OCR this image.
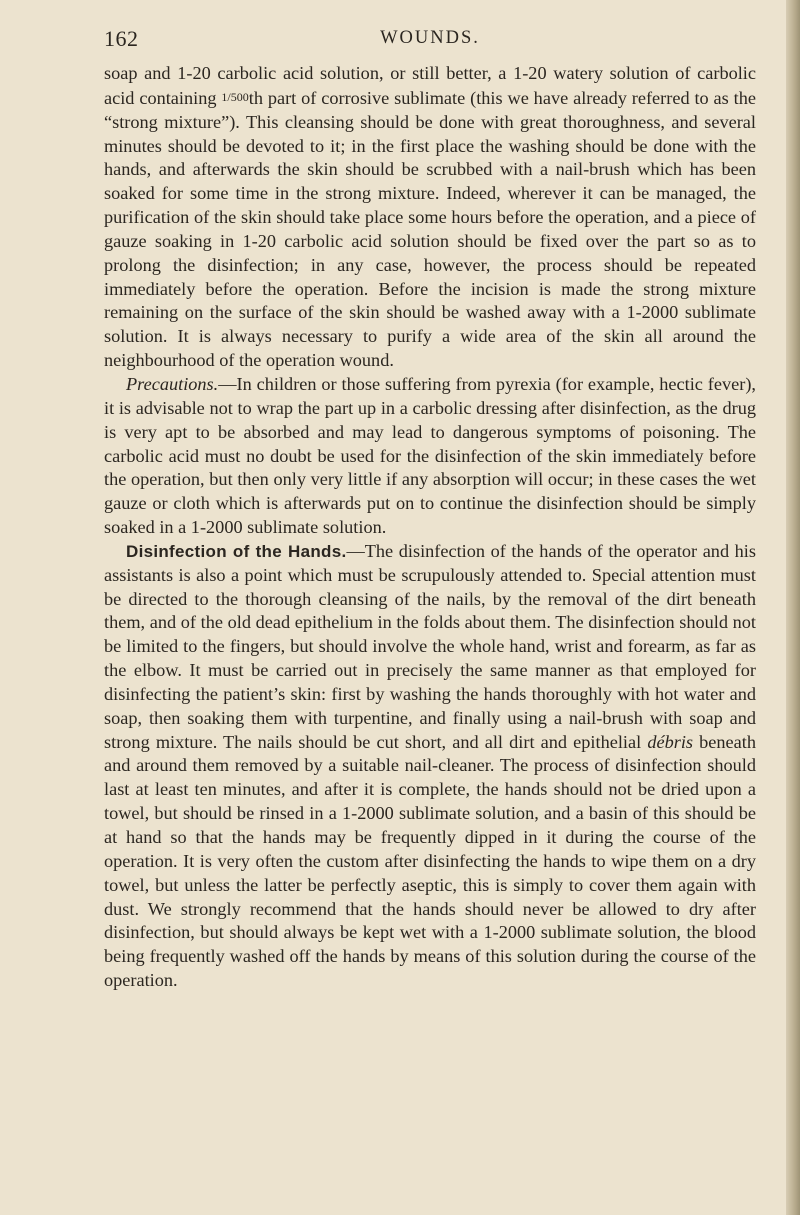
162	WOUNDS.

soap and 1-20 carbolic acid solution, or still better, a 1-20 watery solution of carbolic acid containing 1/500th part of corrosive sublimate (this we have already referred to as the “strong mixture”). This cleansing should be done with great thoroughness, and several minutes should be devoted to it; in the first place the washing should be done with the hands, and afterwards the skin should be scrubbed with a nail-brush which has been soaked for some time in the strong mixture. Indeed, wherever it can be managed, the purification of the skin should take place some hours before the operation, and a piece of gauze soaking in 1-20 carbolic acid solution should be fixed over the part so as to prolong the disinfection; in any case, however, the process should be repeated immediately before the operation. Before the incision is made the strong mixture remaining on the surface of the skin should be washed away with a 1-2000 sublimate solution. It is always necessary to purify a wide area of the skin all around the neighbourhood of the operation wound.

Precautions.—In children or those suffering from pyrexia (for example, hectic fever), it is advisable not to wrap the part up in a carbolic dressing after disinfection, as the drug is very apt to be absorbed and may lead to dangerous symptoms of poisoning. The carbolic acid must no doubt be used for the disinfection of the skin immediately before the operation, but then only very little if any absorption will occur; in these cases the wet gauze or cloth which is afterwards put on to continue the disinfection should be simply soaked in a 1-2000 sublimate solution.

Disinfection of the Hands.—The disinfection of the hands of the operator and his assistants is also a point which must be scrupulously attended to. Special attention must be directed to the thorough cleansing of the nails, by the removal of the dirt beneath them, and of the old dead epithelium in the folds about them. The disinfection should not be limited to the fingers, but should involve the whole hand, wrist and forearm, as far as the elbow. It must be carried out in precisely the same manner as that employed for disinfecting the patient’s skin: first by washing the hands thoroughly with hot water and soap, then soaking them with turpentine, and finally using a nail-brush with soap and strong mixture. The nails should be cut short, and all dirt and epithelial débris beneath and around them removed by a suitable nail-cleaner. The process of disinfection should last at least ten minutes, and after it is complete, the hands should not be dried upon a towel, but should be rinsed in a 1-2000 sublimate solution, and a basin of this should be at hand so that the hands may be frequently dipped in it during the course of the operation. It is very often the custom after disinfecting the hands to wipe them on a dry towel, but unless the latter be perfectly aseptic, this is simply to cover them again with dust. We strongly recommend that the hands should never be allowed to dry after disinfection, but should always be kept wet with a 1-2000 sublimate solution, the blood being frequently washed off the hands by means of this solution during the course of the operation.
